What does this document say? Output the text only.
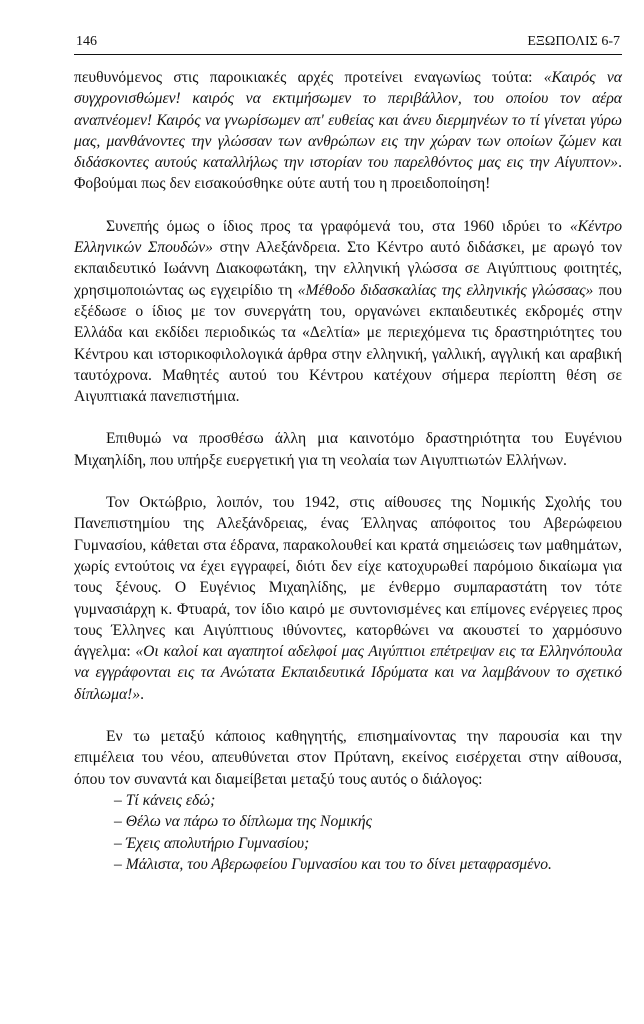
146	ΕΞΩΠΟΛΙΣ 6-7

πευθυνόμενος στις παροικιακές αρχές προτείνει εναγωνίως τούτα: «Καιρός να συγχρονισθώμεν! καιρός να εκτιμήσωμεν το περιβάλλον, του οποίου τον αέρα αναπνέομεν! Καιρός να γνωρίσωμεν απ' ευθείας και άνευ διερμηνέων το τί γίνεται γύρω μας, μανθάνοντες την γλώσσαν των ανθρώπων εις την χώραν των οποίων ζώμεν και διδάσκοντες αυτούς καταλλήλως την ιστορίαν του παρελθόντος μας εις την Αίγυπτον». Φοβούμαι πως δεν εισακούσθηκε ούτε αυτή του η προειδοποίηση!

Συνεπής όμως ο ίδιος προς τα γραφόμενά του, στα 1960 ιδρύει το «Κέντρο Ελληνικών Σπουδών» στην Αλεξάνδρεια. Στο Κέντρο αυτό διδάσκει, με αρωγό τον εκπαιδευτικό Ιωάννη Διακοφωτάκη, την ελληνική γλώσσα σε Αιγύπτιους φοιτητές, χρησιμοποιώντας ως εγχειρίδιο τη «Μέθοδο διδασκαλίας της ελληνικής γλώσσας» που εξέδωσε ο ίδιος με τον συνεργάτη του, οργανώνει εκπαιδευτικές εκδρομές στην Ελλάδα και εκδίδει περιοδικώς τα «Δελτία» με περιεχόμενα τις δραστηριότητες του Κέντρου και ιστορικοφιλολογικά άρθρα στην ελληνική, γαλλική, αγγλική και αραβική ταυτόχρονα. Μαθητές αυτού του Κέντρου κατέχουν σήμερα περίοπτη θέση σε Αιγυπτιακά πανεπιστήμια.

Επιθυμώ να προσθέσω άλλη μια καινοτόμο δραστηριότητα του Ευγένιου Μιχαηλίδη, που υπήρξε ευεργετική για τη νεολαία των Αιγυπτιωτών Ελλήνων.

Τον Οκτώβριο, λοιπόν, του 1942, στις αίθουσες της Νομικής Σχολής του Πανεπιστημίου της Αλεξάνδρειας, ένας Έλληνας απόφοιτος του Αβερώφειου Γυμνασίου, κάθεται στα έδρανα, παρακολουθεί και κρατά σημειώσεις των μαθημάτων, χωρίς εντούτοις να έχει εγγραφεί, διότι δεν είχε κατοχυρωθεί παρόμοιο δικαίωμα για τους ξένους. Ο Ευγένιος Μιχαηλίδης, με ένθερμο συμπαραστάτη τον τότε γυμνασιάρχη κ. Φτυαρά, τον ίδιο καιρό με συντονισμένες και επίμονες ενέργειες προς τους Έλληνες και Αιγύπτιους ιθύνοντες, κατορθώνει να ακουστεί το χαρμόσυνο άγγελμα: «Οι καλοί και αγαπητοί αδελφοί μας Αιγύπτιοι επέτρεψαν εις τα Ελληνόπουλα να εγγράφονται εις τα Ανώτατα Εκπαιδευτικά Ιδρύματα και να λαμβάνουν το σχετικό δίπλωμα!».

Εν τω μεταξύ κάποιος καθηγητής, επισημαίνοντας την παρουσία και την επιμέλεια του νέου, απευθύνεται στον Πρύτανη, εκείνος εισέρχεται στην αίθουσα, όπου τον συναντά και διαμείβεται μεταξύ τους αυτός ο διάλογος:

– Τί κάνεις εδώ;

– Θέλω να πάρω το δίπλωμα της Νομικής

– Έχεις απολυτήριο Γυμνασίου;

– Μάλιστα, του Αβερωφείου Γυμνασίου και του το δίνει μεταφρασμένο.
